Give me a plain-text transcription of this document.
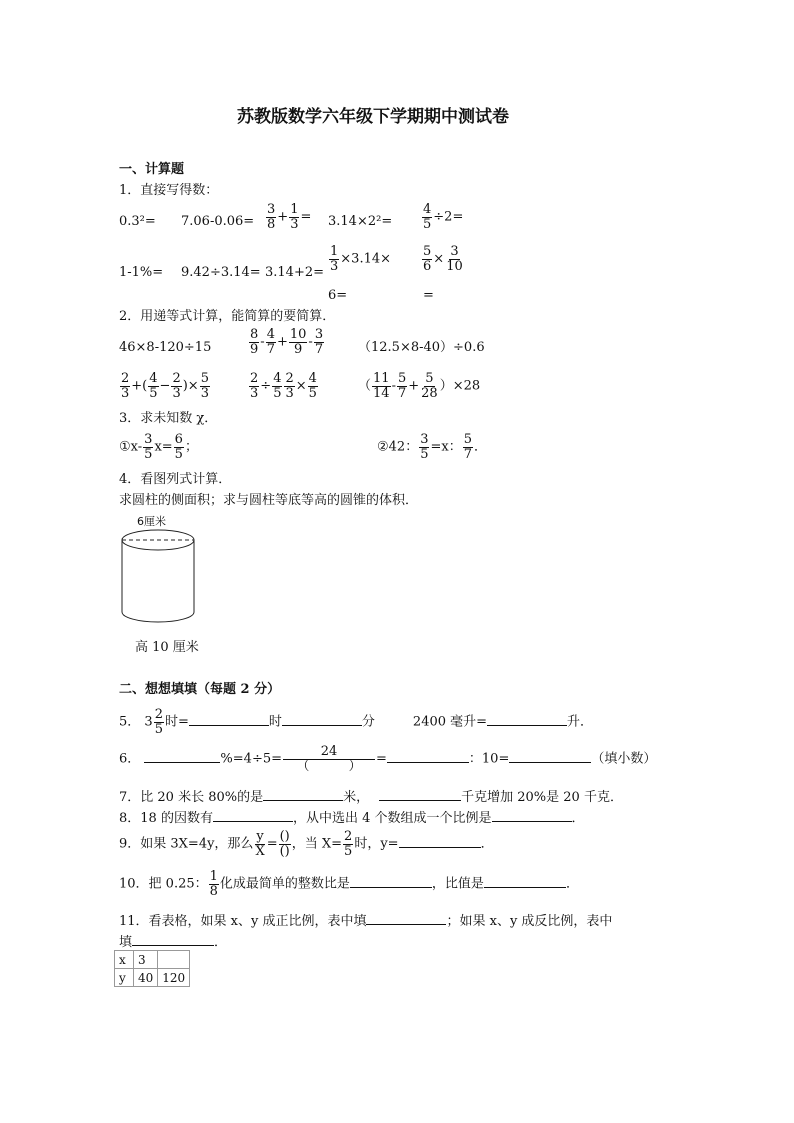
苏教版数学六年级下学期期中测试卷
一、计算题
1．直接写得数：
$0.3^2= 7.06-0.06= \frac{3}{8} + \frac{1}{3} = 3.14\times 2^2= \frac{4}{5} \div 2=$
$1-1\%= 9.42\div 3.14= 3.14+2= \frac{1}{3} \times 3.14\times$
6=
$\frac{5}{6} \times \frac{3}{10}$
=
2．用递等式计算，能简算的要简算．
46×8-120÷15	$\frac{8}{9} - \frac{4}{7} + \frac{10}{9} - \frac{3}{7}$	（12.5×8-40）÷0.6
$\frac{2}{3}$ +( $\frac{4}{5} - \frac{2}{3}$ )× $\frac{5}{3}$	$\frac{2}{3} \div \frac{4}{5} \frac{2}{3} \times \frac{4}{5}$	（ $\frac{11}{14} - \frac{5}{7} + \frac{5}{28} )\times 28$
3．求未知数 χ．
①x- $\frac{3}{5} x= \frac{6}{5}$ ；	②42： $\frac{3}{5} =x$： $\frac{5}{7}$ ．
4．看图列式计算．
求圆柱的侧面积；求与圆柱等底等高的圆锥的体积．
6厘米
高 10 厘米
二、想想填填（每题 2 分）
5． $3 \frac{2}{5}$ 时=	时	分	2400 毫升=	升．
6．	$\%=4\div 5= \frac{24}{( )}$ =	：10=	（填小数）
7．比 20 米长 80%的是	米，	千克增加 20%是 20 千克．
8．18 的因数有	，从中选出 4 个数组成一个比例是	．
9．如果 3X=4y，那么 $\frac{y}{X} = \frac{()}{()}$ ，当 $X= \frac{2}{5}$ 时，y=	．
10．把 0.25： $\frac{1}{8}$ 化成最简单的整数比是	，比值是	．
11．看表格，如果 x、y 成正比例，表中填	；如果 x、y 成反比例，表中
填	．
x	3	
y	40	120
